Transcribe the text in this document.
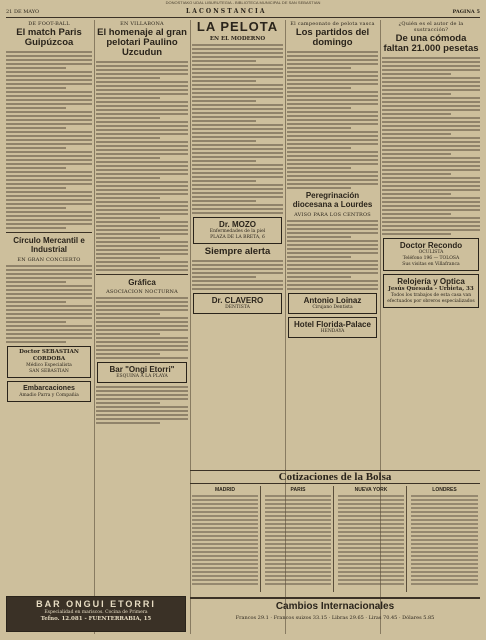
DONOSTIAKO UDAL LIBURUTEGIA - BIBLIOTECA MUNICIPAL DE SAN SEBASTIAN
21 DE MAYO	L A C O N S T A N C I A	PAGINA 5
DE FOOT-BALL
El match Paris Guipúzcoa
Círculo Mercantil e Industrial
EN GRAN CONCIERTO
Doctor SEBASTIAN CORDOBA
Médico Especialista
SAN SEBASTIAN
Embarcaciones
Amadio Parra y Compañia
EN VILLABONA
El homenaje al gran pelotari Paulino Uzcudun
Gráfica
ASOCIACION NOCTURNA
Bar "Ongi Etorri"
ESQUINA A LA PLAYA
LA PELOTA
EN EL MODERNO
Dr. MOZO
Enfermedades de la piel
PLAZA DE LA BRETA, 6
Siempre alerta
Dr. CLAVERO
DENTISTA
El campeonato de pelota vasca
Los partidos del domingo
Peregrinación diocesana a Lourdes
AVISO PARA LOS CENTROS
Antonio Loinaz
Cirujano Dentista
Hotel Florida-Palace
HENDAYA
¿Quién es el autor de la sustracción?
De una cómoda faltan 21.000 pesetas
Doctor Recondo
OCULISTA
Teléfono 196 — TOLOSA
Sus visitas en Villafranca
Relojería y Optica
Jesús Quesada - Urbieta, 33
Todos los trabajos de esta casa van efectuados por obreros especializados
Cotizaciones de la Bolsa
MADRID	PARIS	NUEVA YORK	LONDRES
Cambios Internacionales
Francos 29.1 · Francos suizos 33.15 · Libras 29.65 · Liras 70.45 · Dólares 5.85
BAR ONGUI ETORRI
Especialidad en mariscos. Cocina de Primera
Tefno. 12.081 - FUENTERRABIA, 15
